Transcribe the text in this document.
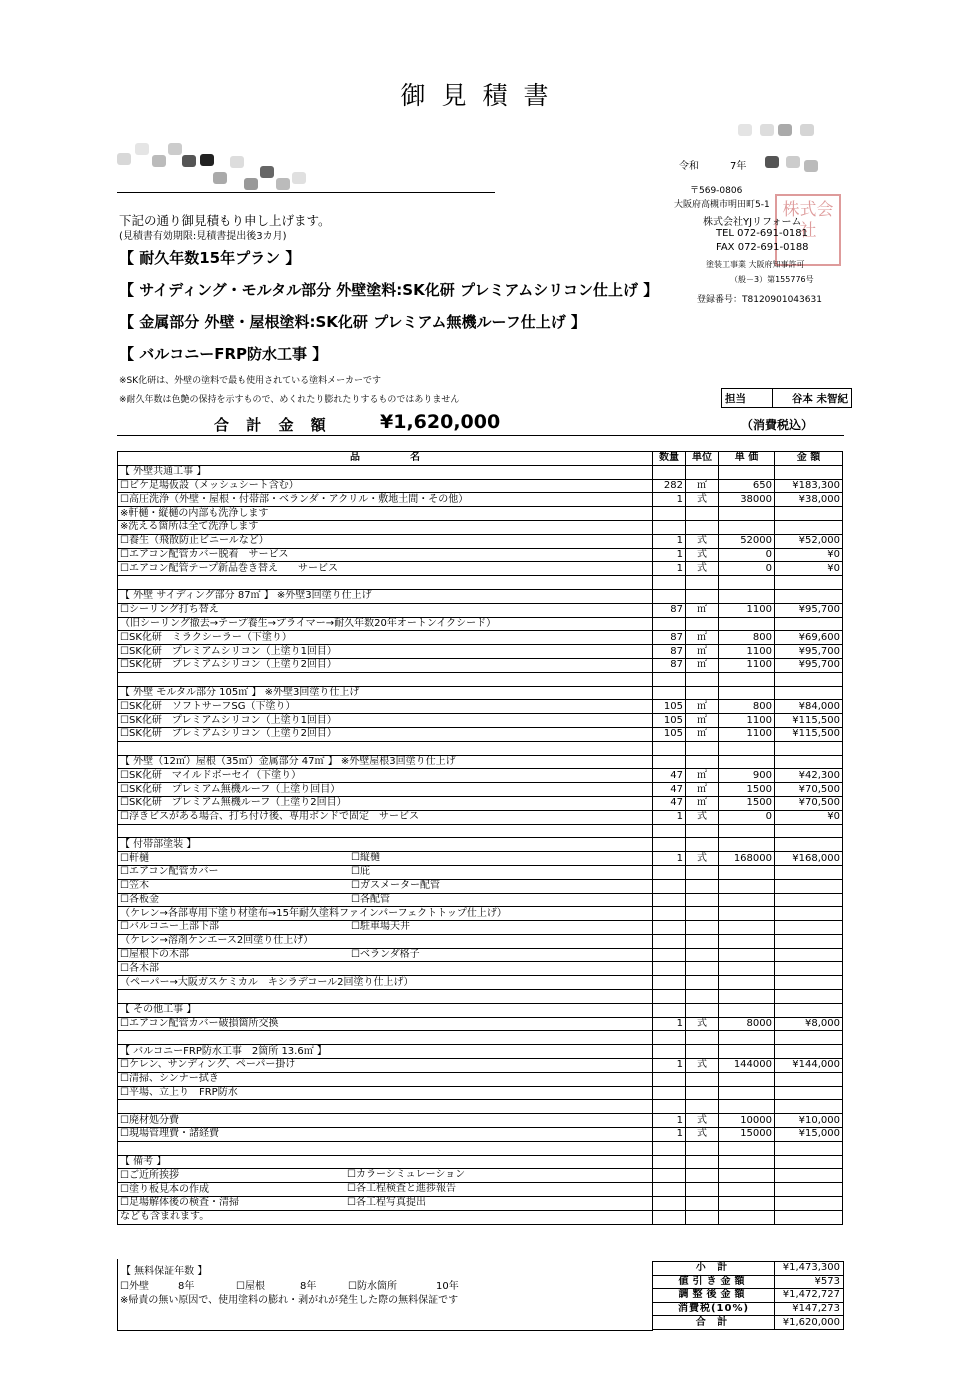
御見積書
令和	7年
株式会社
〒569-0806
大阪府高槻市明田町5-1
株式会社YJリフォーム
TEL 072-691-0181
FAX 072-691-0188
塗装工事業 大阪府知事許可
（般－3）第155776号
登録番号：T8120901043631
下記の通り御見積もり申し上げます。
(見積書有効期限:見積書提出後3カ月)
【 耐久年数15年プラン 】
【 サイディング・モルタル部分 外壁塗料:SK化研 プレミアムシリコン仕上げ 】
【 金属部分 外壁・屋根塗料:SK化研 プレミアム無機ルーフ仕上げ 】
【 バルコニーFRP防水工事 】
※SK化研は、外壁の塗料で最も使用されている塗料メーカーです
※耐久年数は色艶の保持を示すもので、めくれたり膨れたりするものではありません	担当	谷本 未智紀
合 計 金 額	¥1,620,000	（消費税込）
品　　　　　名	数量	単位	単 価	金 額
【 外壁共通工事 】				
☐ビケ足場仮設（メッシュシート含む）	282	㎡	650	¥183,300
☐高圧洗浄（外壁・屋根・付帯部・ベランダ・アクリル・敷地土間・その他）	1	式	38000	¥38,000
※軒樋・縦樋の内部も洗浄します				
※洗える箇所は全て洗浄します				
☐養生（飛散防止ビニールなど）	1	式	52000	¥52,000
☐エアコン配管カバー脱着　サービス	1	式	0	¥0
☐エアコン配管テープ新品巻き替え　　サービス	1	式	0	¥0

【 外壁 サイディング部分 87㎡ 】 ※外壁3回塗り仕上げ				
☐シーリング打ち替え	87	㎡	1100	¥95,700
（旧シーリング撤去→テープ養生→プライマー→耐久年数20年オートンイクシード）				
☐SK化研　ミラクシーラー（下塗り）	87	㎡	800	¥69,600
☐SK化研　プレミアムシリコン（上塗り1回目）	87	㎡	1100	¥95,700
☐SK化研　プレミアムシリコン（上塗り2回目）	87	㎡	1100	¥95,700

【 外壁 モルタル部分 105㎡ 】 ※外壁3回塗り仕上げ				
☐SK化研　ソフトサーフSG（下塗り）	105	㎡	800	¥84,000
☐SK化研　プレミアムシリコン（上塗り1回目）	105	㎡	1100	¥115,500
☐SK化研　プレミアムシリコン（上塗り2回目）	105	㎡	1100	¥115,500

【 外壁（12㎡）屋根（35㎡）金属部分 47㎡ 】 ※外壁屋根3回塗り仕上げ				
☐SK化研　マイルドボーセイ（下塗り）	47	㎡	900	¥42,300
☐SK化研　プレミアム無機ルーフ（上塗り回目）	47	㎡	1500	¥70,500
☐SK化研　プレミアム無機ルーフ（上塗り2回目）	47	㎡	1500	¥70,500
☐浮きビスがある場合、打ち付け後、専用ボンドで固定　サービス	1	式	0	¥0

【 付帯部塗装 】				
☐軒樋 ☐縦樋	1	式	168000	¥168,000
☐エアコン配管カバー ☐庇				

☐笠木 ☐ガスメーター配管				

☐各板金 ☐各配管				

（ケレン→各部専用下塗り材塗布→15年耐久塗料ファインパーフェクトトップ仕上げ）				
☐バルコニー上部下部 ☐駐車場天井				

（ケレン→溶剤ケンエース2回塗り仕上げ）				
☐屋根下の木部 ☐ベランダ格子				

☐各木部				
（ペーパー→大阪ガスケミカル　キシラデコール2回塗り仕上げ）				

【 その他工事 】				
☐エアコン配管カバー破損箇所交換	1	式	8000	¥8,000

【 バルコニーFRP防水工事　2箇所 13.6㎡ 】				
☐ケレン、サンディング、ペーパー掛け	1	式	144000	¥144,000
☐清掃、シンナー拭き				
☐平場、立上り　FRP防水				

☐廃材処分費	1	式	10000	¥10,000
☐現場管理費・諸経費	1	式	15000	¥15,000

【 備考 】				
☐ご近所挨拶 ☐カラーシミュレーション				

☐塗り板見本の作成 ☐各工程検査と進捗報告				

☐足場解体後の検査・清掃 ☐各工程写真提出				

なども含まれます。				
【 無料保証年数 】
☐外壁	8年	☐屋根	8年	☐防水箇所	10年
※帰責の無い原因で、使用塗料の膨れ・剥がれが発生した際の無料保証です
小 計	¥1,473,300
値引き金額	¥573
調整後金額	¥1,472,727
消費税(10%)	¥147,273
合 計	¥1,620,000
